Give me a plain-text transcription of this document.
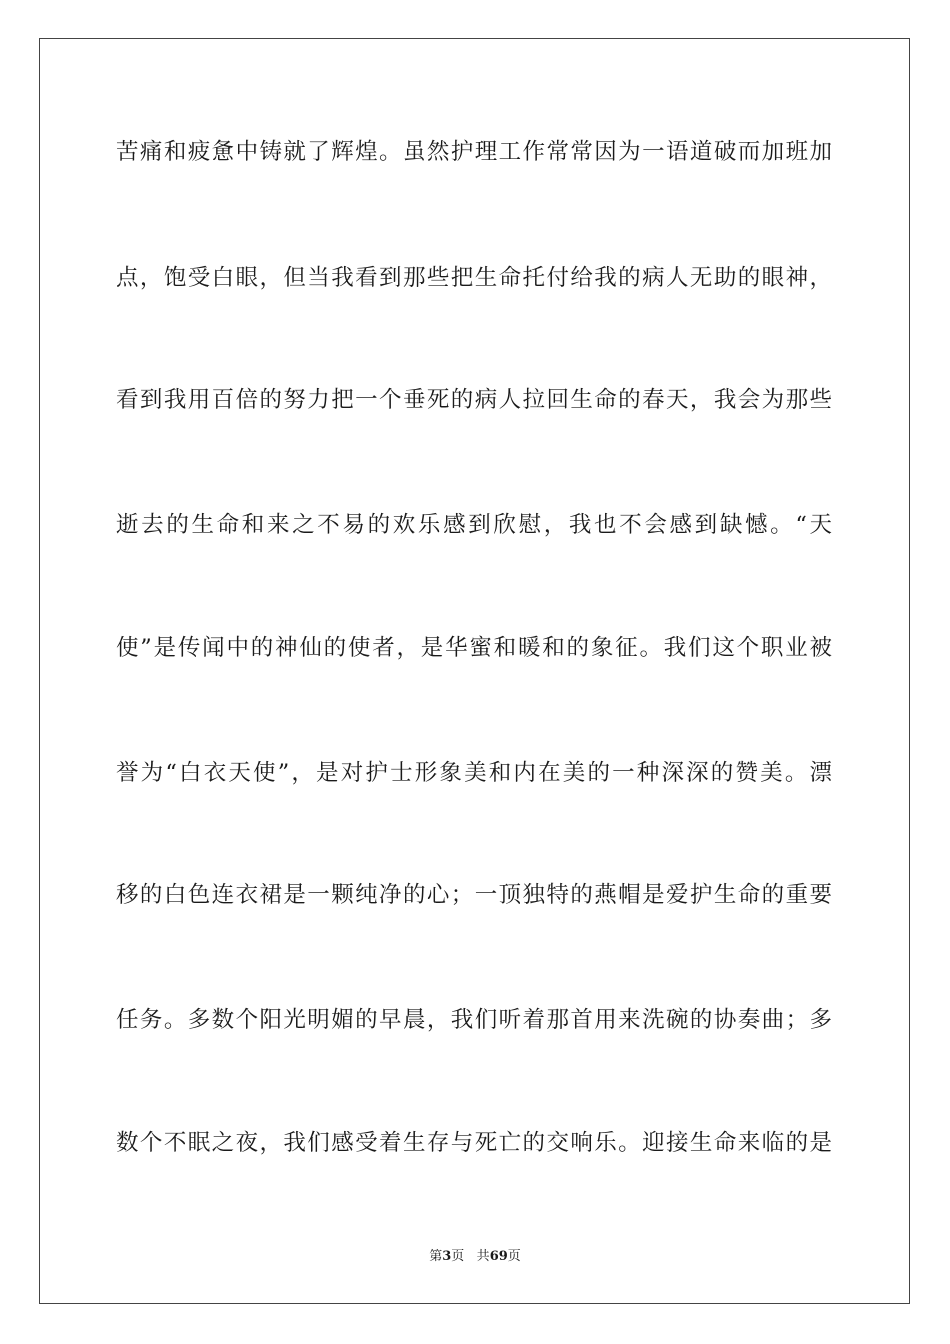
苦痛和疲惫中铸就了辉煌。虽然护理工作常常因为一语道破而加班加
点，饱受白眼，但当我看到那些把生命托付给我的病人无助的眼神，
看到我用百倍的努力把一个垂死的病人拉回生命的春天，我会为那些
逝去的生命和来之不易的欢乐感到欣慰，我也不会感到缺憾。“天
使”是传闻中的神仙的使者，是华蜜和暖和的象征。我们这个职业被
誉为“白衣天使”，是对护士形象美和内在美的一种深深的赞美。漂
移的白色连衣裙是一颗纯净的心；一顶独特的燕帽是爱护生命的重要
任务。多数个阳光明媚的早晨，我们听着那首用来洗碗的协奏曲；多
数个不眠之夜，我们感受着生存与死亡的交响乐。迎接生命来临的是
第3页 共69页
